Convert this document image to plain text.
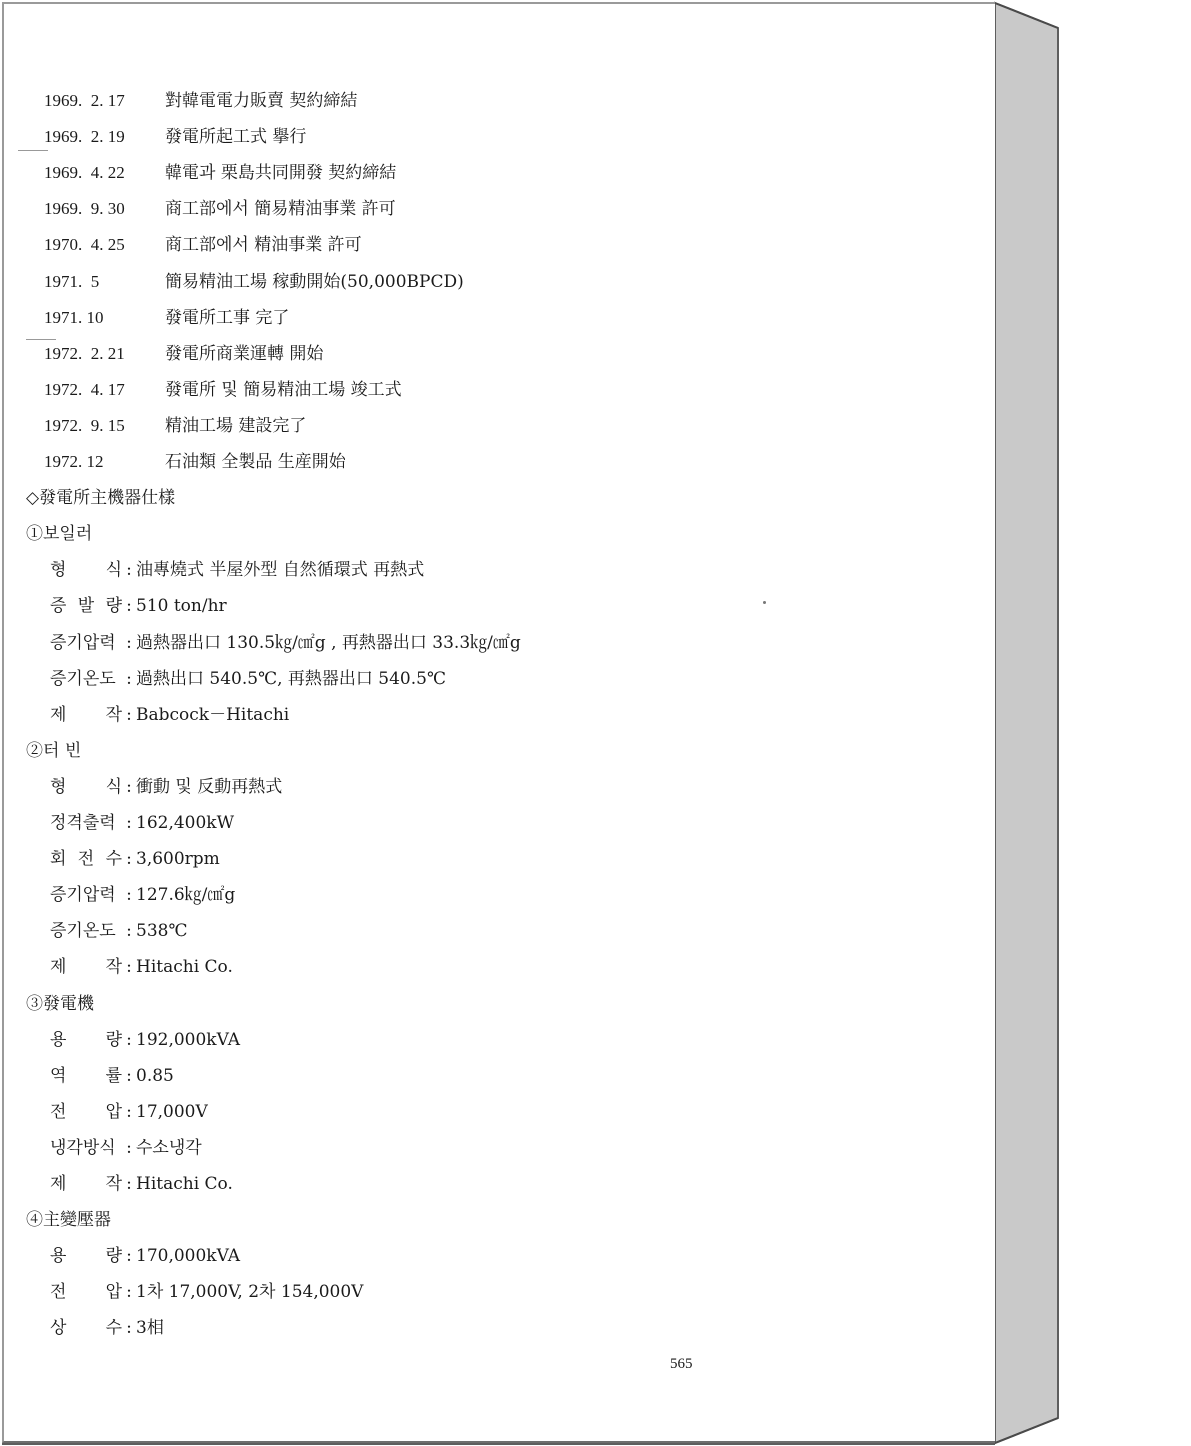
1969.  2. 17 對韓電電力販賣 契約締結
1969.  2. 19 發電所起工式 擧行
1969.  4. 22 韓電과 栗島共同開發 契約締結
1969.  9. 30 商工部에서 簡易精油事業 許可
1970.  4. 25 商工部에서 精油事業 許可
1971.  5	簡易精油工場 稼動開始(50,000BPCD)
1971. 10	發電所工事 完了
1972.  2. 21 發電所商業運轉 開始
1972.  4. 17 發電所 및 簡易精油工場 竣工式
1972.  9. 15 精油工場 建設完了
1972. 12	石油類 全製品 生産開始
◇發電所主機器仕樣
①보일러
형 식 : 油專燒式 半屋外型 自然循環式 再熱式
증 발 량 : 510 ton/hr
증기압력 : 過熱器出口 130.5㎏/㎠g , 再熱器出口 33.3㎏/㎠g
증기온도 : 過熱出口 540.5℃, 再熱器出口 540.5℃
제 작 : Babcock－Hitachi
②터 빈
형 식 : 衝動 및 反動再熱式
정격출력 : 162,400kW
회 전 수 : 3,600rpm
증기압력 : 127.6㎏/㎠g
증기온도 : 538℃
제 작 : Hitachi Co.
③發電機
용 량 : 192,000kVA
역 률 : 0.85
전 압 : 17,000V
냉각방식 : 수소냉각
제 작 : Hitachi Co.
④主變壓器
용 량 : 170,000kVA
전 압 : 1차 17,000V, 2차 154,000V
상 수 : 3相
565
